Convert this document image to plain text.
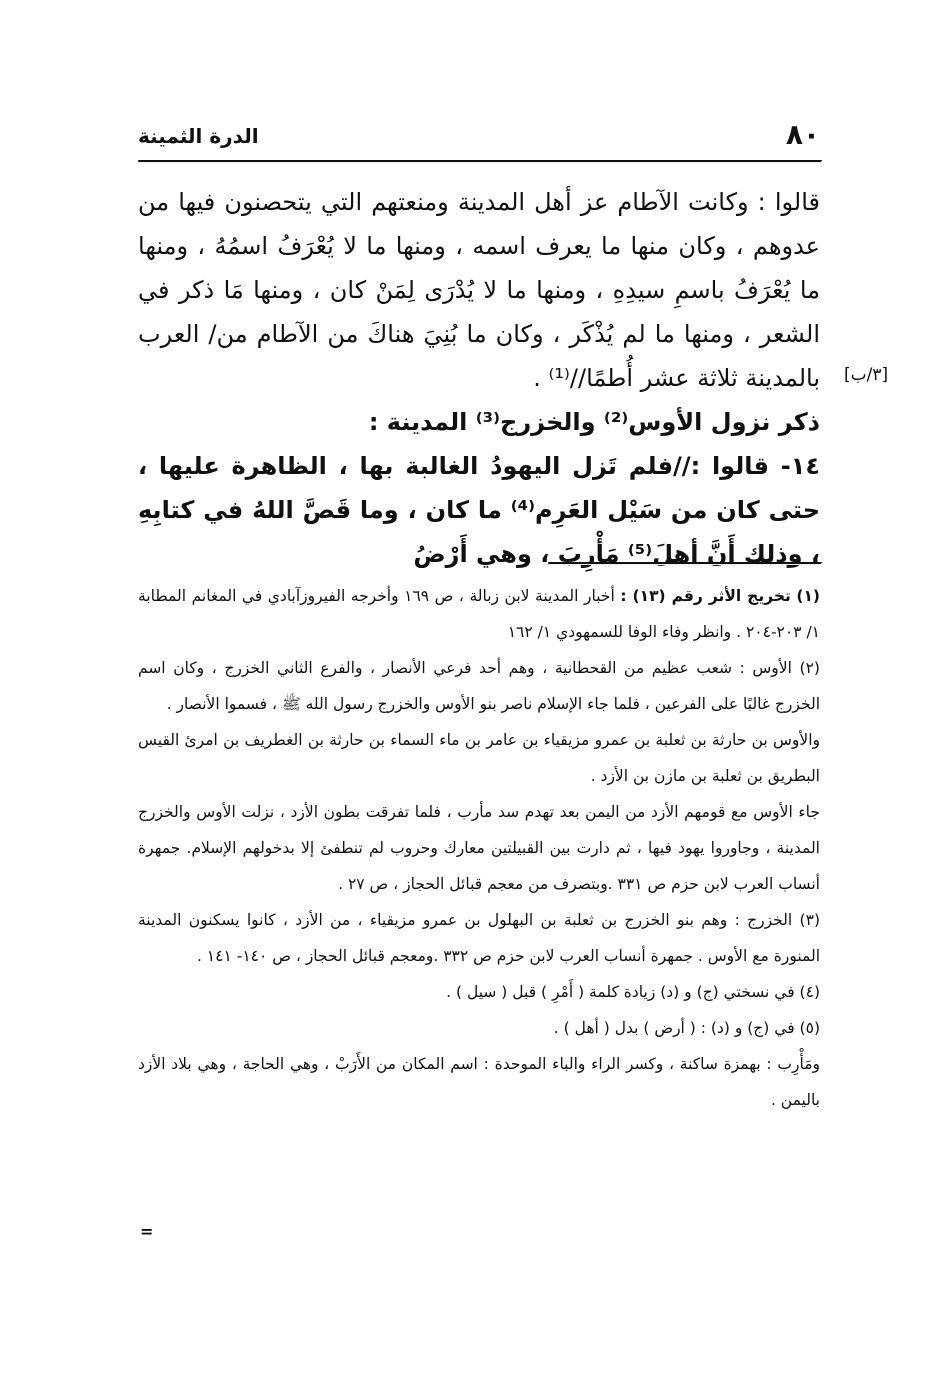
٨٠
الدرة الثمينة
[٣/ب]

قالوا : وكانت الآطام عز أهل المدينة ومنعتهم التي يتحصنون فيها من عدوهم ، وكان منها ما يعرف اسمه ، ومنها ما لا يُعْرَفُ اسمُهُ ، ومنها ما يُعْرَفُ باسمِ سيدِهِ ، ومنها ما لا يُدْرَى لِمَنْ كان ، ومنها مَا ذكر في الشعر ، ومنها ما لم يُذْكَر ، وكان ما بُنِيَ هناكَ من الآطام من/ العرب بالمدينة ثلاثة عشر أُطمًا//⁽¹⁾ .

ذكر نزول الأوس⁽²⁾ والخزرج⁽³⁾ المدينة :

١٤- قالوا ://فلم تَزل اليهودُ الغالبة بها ، الظاهرة عليها ، حتى كان من سَيْل العَرِم⁽⁴⁾ ما كان ، وما قَصَّ اللهُ في كتابِهِ ، وذلك أَنَّ أهلَ⁽⁵⁾ مَأْرِبَ ، وهي أَرْضُ

(١) تخريج الأثر رقم (١٣) : أخبار المدينة لابن زبالة ، ص ١٦٩ وأخرجه الفيروزآبادي في المغانم المطابة ١/ ٢٠٣-٢٠٤ . وانظر وفاء الوفا للسمهودي ١/ ١٦٢

(٢) الأوس : شعب عظيم من القحطانية ، وهم أحد فرعي الأنصار ، والفرع الثاني الخزرج ، وكان اسم الخزرج غالبًا على الفرعين ، فلما جاء الإسلام ناصر بنو الأوس والخزرج رسول الله ﷺ ، فسموا الأنصار .

والأوس بن حارثة بن ثعلبة بن عمرو مزيقياء بن عامر بن ماء السماء بن حارثة بن الغطريف بن امرئ القيس البطريق بن ثعلبة بن مازن بن الأزد .

جاء الأوس مع قومهم الأزد من اليمن بعد تهدم سد مأرب ، فلما تفرقت بطون الأزد ، نزلت الأوس والخزرج المدينة ، وجاوروا يهود فيها ، ثم دارت بين القبيلتين معارك وحروب لم تنطفئ إلا بدخولهم الإسلام. جمهرة أنساب العرب لابن حزم ص ٣٣١ .وبتصرف من معجم قبائل الحجاز ، ص ٢٧ .

(٣) الخزرج : وهم بنو الخزرج بن ثعلبة بن البهلول بن عمرو مزيقياء ، من الأزد ، كانوا يسكنون المدينة المنورة مع الأوس . جمهرة أنساب العرب لابن حزم ص ٣٣٢ .ومعجم قبائل الحجاز ، ص ١٤٠- ١٤١ .

(٤) في نسختي (ج) و (د) زيادة كلمة ( أَمْرِ ) قبل ( سيل ) .

(٥) في (ج) و (د) : ( أرض ) بدل ( أهل ) .

ومَأْرِب : بهمزة ساكنة ، وكسر الراء والباء الموحدة : اسم المكان من الأَرَبْ ، وهي الحاجة ، وهي بلاد الأزد باليمن .

=
